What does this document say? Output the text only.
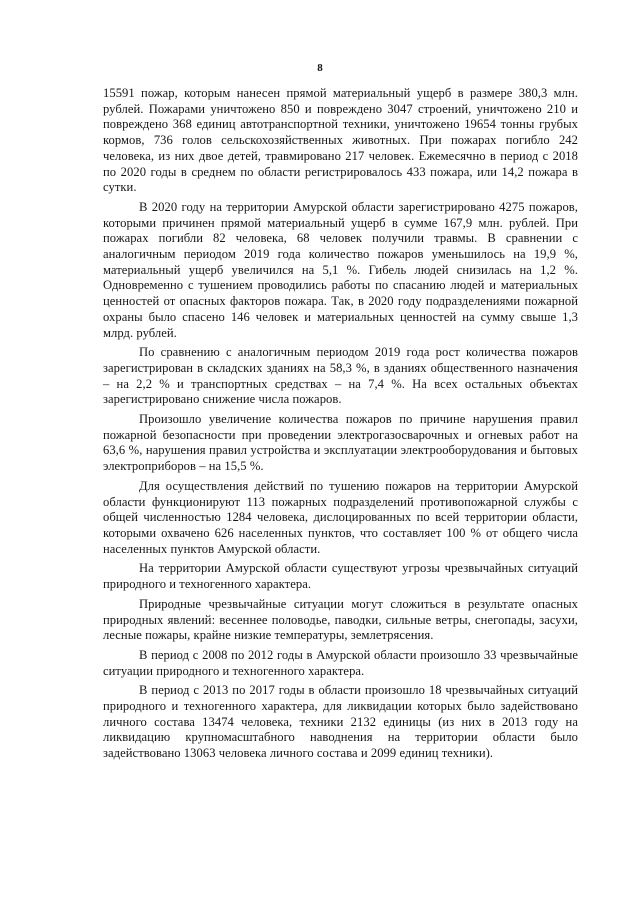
8

15591 пожар, которым нанесен прямой материальный ущерб в размере 380,3 млн. рублей. Пожарами уничтожено 850 и повреждено 3047 строений, уничтожено 210 и повреждено 368 единиц автотранспортной техники, уничтожено 19654 тонны грубых кормов, 736 голов сельскохозяйственных животных. При пожарах погибло 242 человека, из них двое детей, травмировано 217 человек. Ежемесячно в период с 2018 по 2020 годы в среднем по области регистрировалось 433 пожара, или 14,2 пожара в сутки.

В 2020 году на территории Амурской области зарегистрировано 4275 пожаров, которыми причинен прямой материальный ущерб в сумме 167,9 млн. рублей. При пожарах погибли 82 человека, 68 человек получили травмы. В сравнении с аналогичным периодом 2019 года количество пожаров уменьшилось на 19,9 %, материальный ущерб увеличился на 5,1 %. Гибель людей снизилась на 1,2 %. Одновременно с тушением проводились работы по спасанию людей и материальных ценностей от опасных факторов пожара. Так, в 2020 году подразделениями пожарной охраны было спасено 146 человек и материальных ценностей на сумму свыше 1,3 млрд. рублей.

По сравнению с аналогичным периодом 2019 года рост количества пожаров зарегистрирован в складских зданиях на 58,3 %, в зданиях общественного назначения – на 2,2 % и транспортных средствах – на 7,4 %. На всех остальных объектах зарегистрировано снижение числа пожаров.

Произошло увеличение количества пожаров по причине нарушения правил пожарной безопасности при проведении электрогазосварочных и огневых работ на 63,6 %, нарушения правил устройства и эксплуатации электрооборудования и бытовых электроприборов – на 15,5 %.

Для осуществления действий по тушению пожаров на территории Амурской области функционируют 113 пожарных подразделений противопожарной службы с общей численностью 1284 человека, дислоцированных по всей территории области, которыми охвачено 626 населенных пунктов, что составляет 100 % от общего числа населенных пунктов Амурской области.

На территории Амурской области существуют угрозы чрезвычайных ситуаций природного и техногенного характера.

Природные чрезвычайные ситуации могут сложиться в результате опасных природных явлений: весеннее половодье, паводки, сильные ветры, снегопады, засухи, лесные пожары, крайне низкие температуры, землетрясения.

В период с 2008 по 2012 годы в Амурской области произошло 33 чрезвычайные ситуации природного и техногенного характера.

В период с 2013 по 2017 годы в области произошло 18 чрезвычайных ситуаций природного и техногенного характера, для ликвидации которых было задействовано личного состава 13474 человека, техники 2132 единицы (из них в 2013 году на ликвидацию крупномасштабного наводнения на территории области было задействовано 13063 человека личного состава и 2099 единиц техники).
